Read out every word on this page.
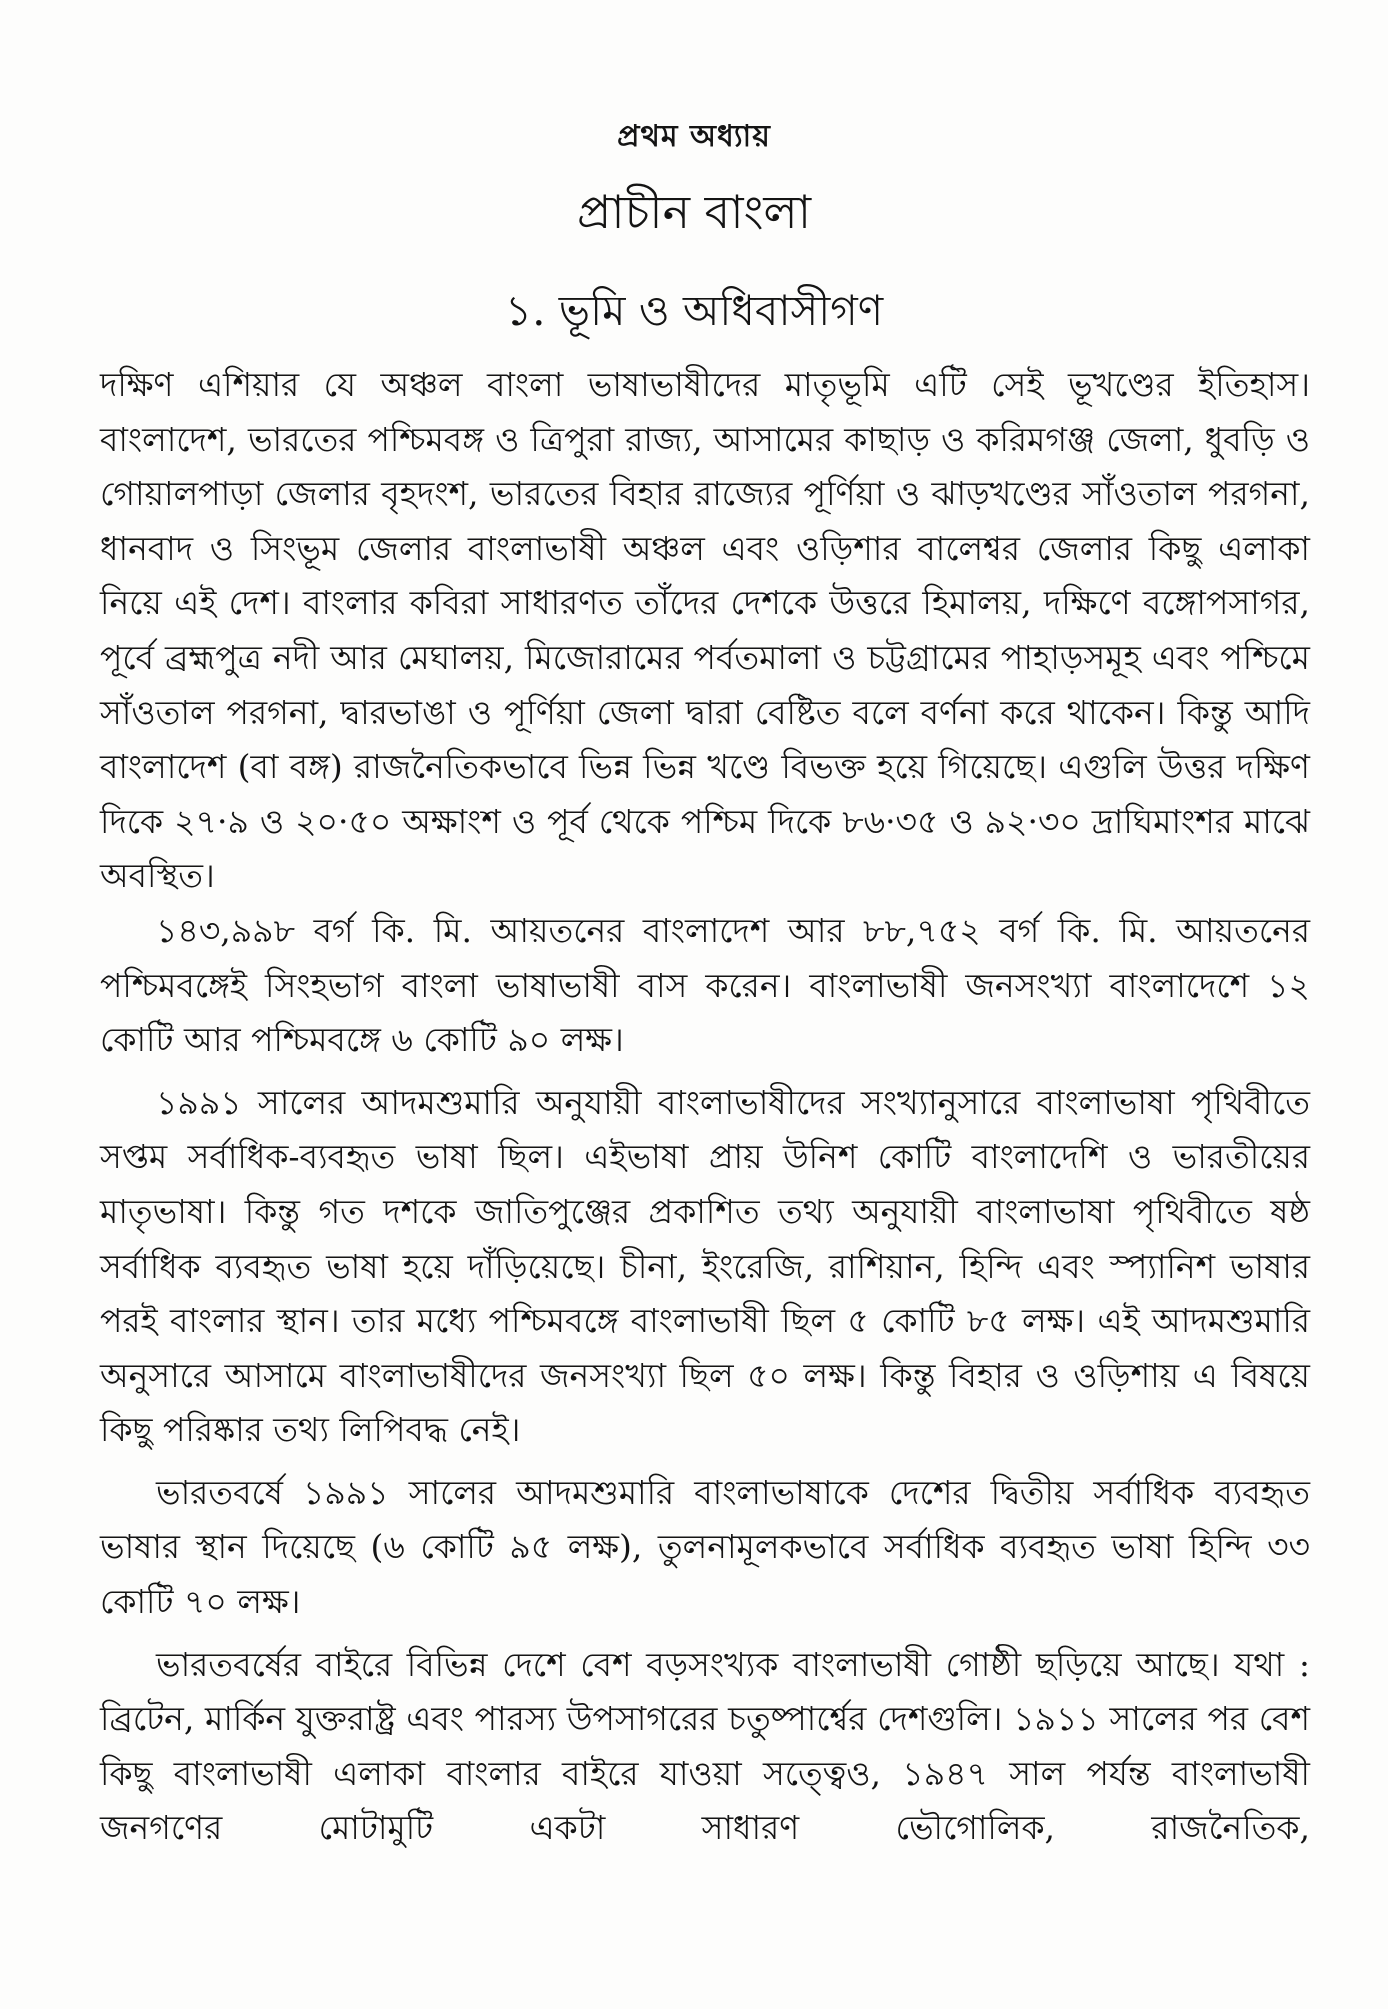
প্রথম অধ্যায়
প্রাচীন বাংলা
১. ভূমি ও অধিবাসীগণ

দক্ষিণ এশিয়ার যে অঞ্চল বাংলা ভাষাভাষীদের মাতৃভূমি এটি সেই ভূখণ্ডের ইতিহাস। বাংলাদেশ, ভারতের পশ্চিমবঙ্গ ও ত্রিপুরা রাজ্য, আসামের কাছাড় ও করিমগঞ্জ জেলা, ধুবড়ি ও গোয়ালপাড়া জেলার বৃহদংশ, ভারতের বিহার রাজ্যের পূর্ণিয়া ও ঝাড়খণ্ডের সাঁওতাল পরগনা, ধানবাদ ও সিংভূম জেলার বাংলাভাষী অঞ্চল এবং ওড়িশার বালেশ্বর জেলার কিছু এলাকা নিয়ে এই দেশ। বাংলার কবিরা সাধারণত তাঁদের দেশকে উত্তরে হিমালয়, দক্ষিণে বঙ্গোপসাগর, পূর্বে ব্রহ্মপুত্র নদী আর মেঘালয়, মিজোরামের পর্বতমালা ও চট্টগ্রামের পাহাড়সমূহ এবং পশ্চিমে সাঁওতাল পরগনা, দ্বারভাঙা ও পূর্ণিয়া জেলা দ্বারা বেষ্টিত বলে বর্ণনা করে থাকেন। কিন্তু আদি বাংলাদেশ (বা বঙ্গ) রাজনৈতিকভাবে ভিন্ন ভিন্ন খণ্ডে বিভক্ত হয়ে গিয়েছে। এগুলি উত্তর দক্ষিণ দিকে ২৭·৯ ও ২০·৫০ অক্ষাংশ ও পূর্ব থেকে পশ্চিম দিকে ৮৬·৩৫ ও ৯২·৩০ দ্রাঘিমাংশর মাঝে অবস্থিত।

১৪৩,৯৯৮ বর্গ কি. মি. আয়তনের বাংলাদেশ আর ৮৮,৭৫২ বর্গ কি. মি. আয়তনের পশ্চিমবঙ্গেই সিংহভাগ বাংলা ভাষাভাষী বাস করেন। বাংলাভাষী জনসংখ্যা বাংলাদেশে ১২ কোটি আর পশ্চিমবঙ্গে ৬ কোটি ৯০ লক্ষ।

১৯৯১ সালের আদমশুমারি অনুযায়ী বাংলাভাষীদের সংখ্যানুসারে বাংলাভাষা পৃথিবীতে সপ্তম সর্বাধিক-ব্যবহৃত ভাষা ছিল। এইভাষা প্রায় উনিশ কোটি বাংলাদেশি ও ভারতীয়ের মাতৃভাষা। কিন্তু গত দশকে জাতিপুঞ্জের প্রকাশিত তথ্য অনুযায়ী বাংলাভাষা পৃথিবীতে ষষ্ঠ সর্বাধিক ব্যবহৃত ভাষা হয়ে দাঁড়িয়েছে। চীনা, ইংরেজি, রাশিয়ান, হিন্দি এবং স্প্যানিশ ভাষার পরই বাংলার স্থান। তার মধ্যে পশ্চিমবঙ্গে বাংলাভাষী ছিল ৫ কোটি ৮৫ লক্ষ। এই আদমশুমারি অনুসারে আসামে বাংলাভাষীদের জনসংখ্যা ছিল ৫০ লক্ষ। কিন্তু বিহার ও ওড়িশায় এ বিষয়ে কিছু পরিষ্কার তথ্য লিপিবদ্ধ নেই।

ভারতবর্ষে ১৯৯১ সালের আদমশুমারি বাংলাভাষাকে দেশের দ্বিতীয় সর্বাধিক ব্যবহৃত ভাষার স্থান দিয়েছে (৬ কোটি ৯৫ লক্ষ), তুলনামূলকভাবে সর্বাধিক ব্যবহৃত ভাষা হিন্দি ৩৩ কোটি ৭০ লক্ষ।

ভারতবর্ষের বাইরে বিভিন্ন দেশে বেশ বড়সংখ্যক বাংলাভাষী গোষ্ঠী ছড়িয়ে আছে। যথা : ব্রিটেন, মার্কিন যুক্তরাষ্ট্র এবং পারস্য উপসাগরের চতুষ্পার্শ্বের দেশগুলি। ১৯১১ সালের পর বেশ কিছু বাংলাভাষী এলাকা বাংলার বাইরে যাওয়া সত্ত্বেও, ১৯৪৭ সাল পর্যন্ত বাংলাভাষী জনগণের মোটামুটি একটা সাধারণ ভৌগোলিক, রাজনৈতিক,
